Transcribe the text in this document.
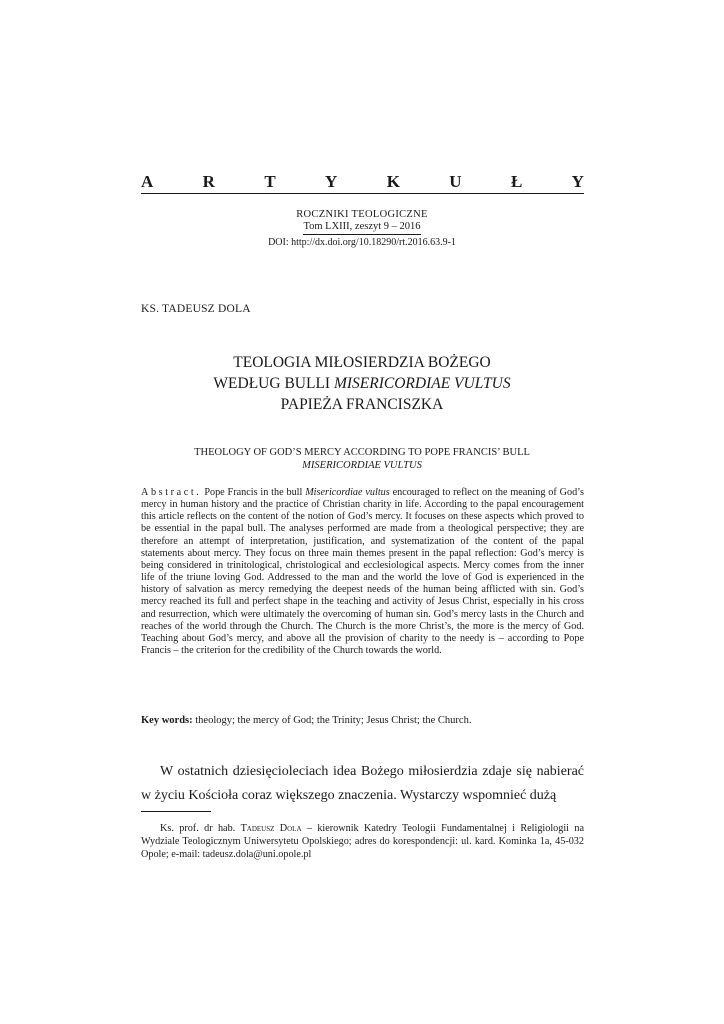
A	R	T	Y	K	U	Ł	Y
ROCZNIKI TEOLOGICZNE
Tom LXIII, zeszyt 9 – 2016
DOI: http://dx.doi.org/10.18290/rt.2016.63.9-1
KS. TADEUSZ DOLA
TEOLOGIA MIŁOSIERDZIA BOŻEGO
WEDŁUG BULLI MISERICORDIAE VULTUS
PAPIEŻA FRANCISZKA
THEOLOGY OF GOD’S MERCY ACCORDING TO POPE FRANCIS’ BULL
MISERICORDIAE VULTUS
Abstract. Pope Francis in the bull Misericordiae vultus encouraged to reflect on the meaning of God’s mercy in human history and the practice of Christian charity in life. According to the papal encouragement this article reflects on the content of the notion of God’s mercy. It focuses on these aspects which proved to be essential in the papal bull. The analyses performed are made from a theological perspective; they are therefore an attempt of interpretation, justification, and systematization of the content of the papal statements about mercy. They focus on three main themes present in the papal reflection: God’s mercy is being considered in trinitological, christological and ecclesiological aspects. Mercy comes from the inner life of the triune loving God. Addressed to the man and the world the love of God is experienced in the history of salvation as mercy remedying the deepest needs of the human being afflicted with sin. God’s mercy reached its full and perfect shape in the teaching and activity of Jesus Christ, especially in his cross and resurrection, which were ultimately the overcoming of human sin. God’s mercy lasts in the Church and reaches of the world through the Church. The Church is the more Christ’s, the more is the mercy of God. Teaching about God’s mercy, and above all the provision of charity to the needy is – according to Pope Francis – the criterion for the credibility of the Church towards the world.
Key words: theology; the mercy of God; the Trinity; Jesus Christ; the Church.
W ostatnich dziesięcioleciach idea Bożego miłosierdzia zdaje się nabierać w życiu Kościoła coraz większego znaczenia. Wystarczy wspomnieć dużą
Ks. prof. dr hab. Tadeusz Dola – kierownik Katedry Teologii Fundamentalnej i Religiologii na Wydziale Teologicznym Uniwersytetu Opolskiego; adres do korespondencji: ul. kard. Kominka 1a, 45-032 Opole; e-mail: tadeusz.dola@uni.opole.pl
